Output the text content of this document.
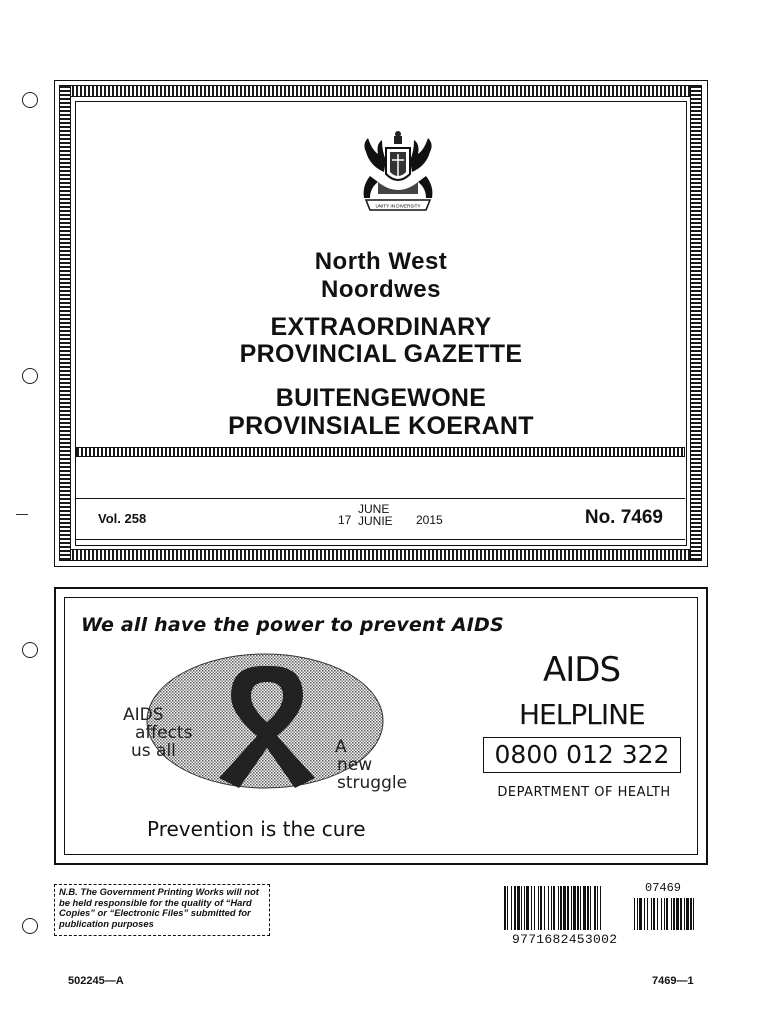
UNITY IN DIVERSITY
North West
Noordwes
EXTRAORDINARY
PROVINCIAL GAZETTE
BUITENGEWONE
PROVINSIALE KOERANT
Vol. 258	17
JUNE
JUNIE 2015	No. 7469
We all have the power to prevent AIDS
AIDS
affects
us all	A
new
struggle
Prevention is the cure
AIDS
HELPLINE
0800 012 322
DEPARTMENT OF HEALTH
N.B. The Government Printing Works will not be held responsible for the quality of “Hard Copies” or “Electronic Files” submitted for publication purposes
07469
9771682453002
502245—A	7469—1
